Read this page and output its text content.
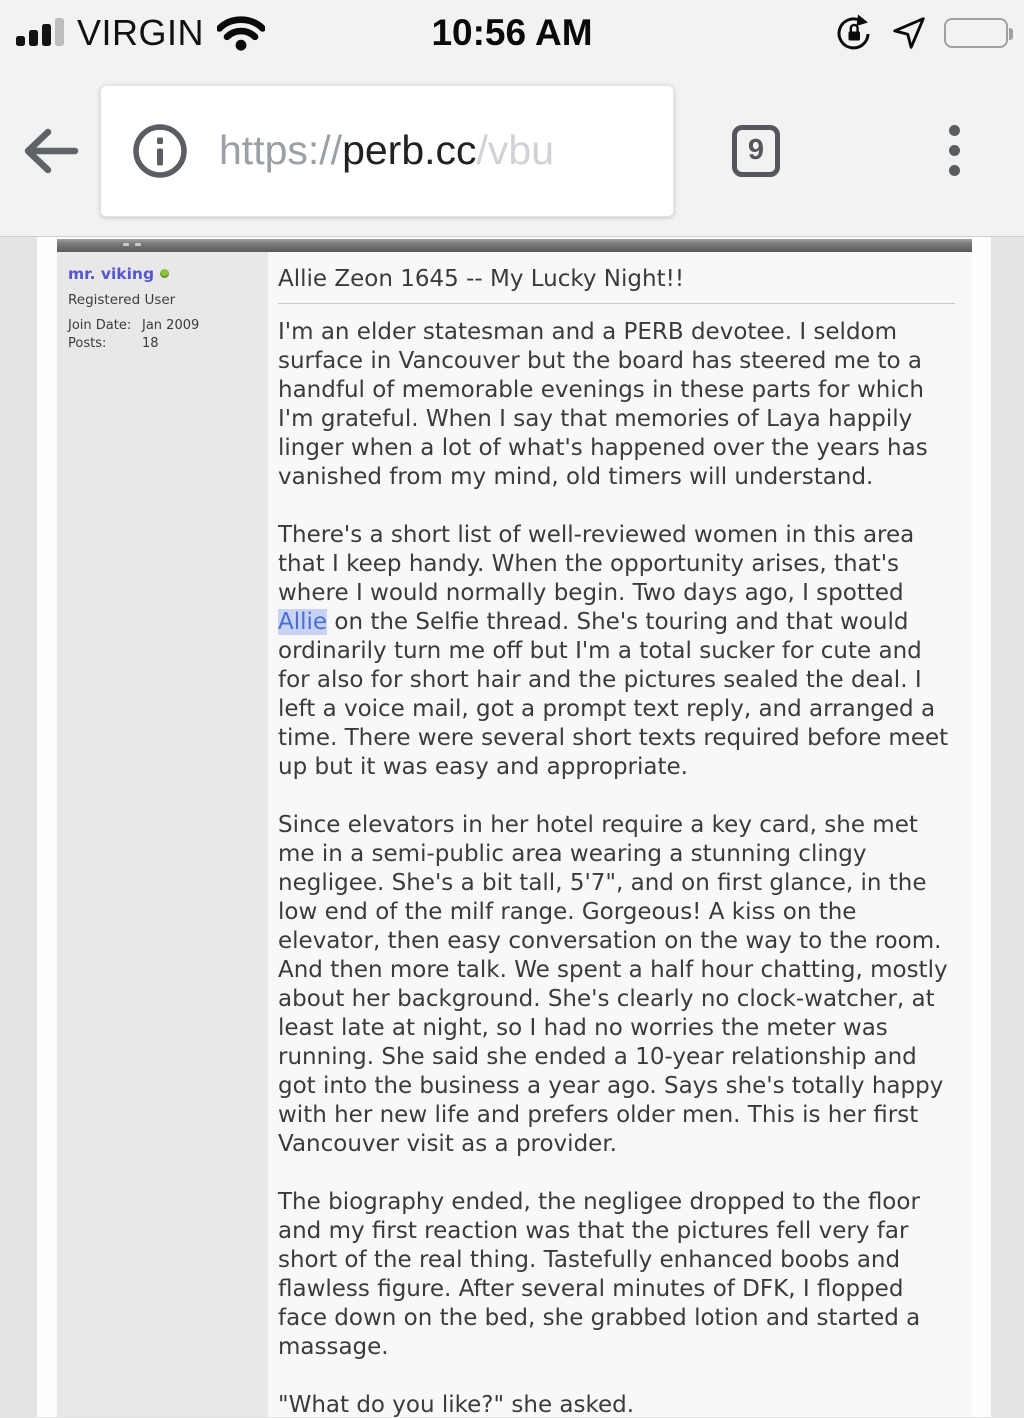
VIRGIN	10:56 AM
https://perb.cc/vbu	9
mr. viking
Registered User
Join Date: Jan 2009
Posts:	18
Allie Zeon 1645 -- My Lucky Night!!

I'm an elder statesman and a PERB devotee. I seldom surface in Vancouver but the board has steered me to a handful of memorable evenings in these parts for which I'm grateful. When I say that memories of Laya happily linger when a lot of what's happened over the years has vanished from my mind, old timers will understand.

There's a short list of well-reviewed women in this area that I keep handy. When the opportunity arises, that's where I would normally begin. Two days ago, I spotted Allie on the Selfie thread. She's touring and that would ordinarily turn me off but I'm a total sucker for cute and for also for short hair and the pictures sealed the deal. I left a voice mail, got a prompt text reply, and arranged a time. There were several short texts required before meet up but it was easy and appropriate.

Since elevators in her hotel require a key card, she met me in a semi-public area wearing a stunning clingy negligee. She's a bit tall, 5'7", and on first glance, in the low end of the milf range. Gorgeous! A kiss on the elevator, then easy conversation on the way to the room. And then more talk. We spent a half hour chatting, mostly about her background. She's clearly no clock-watcher, at least late at night, so I had no worries the meter was running. She said she ended a 10-year relationship and got into the business a year ago. Says she's totally happy with her new life and prefers older men. This is her first Vancouver visit as a provider.

The biography ended, the negligee dropped to the floor and my first reaction was that the pictures fell very far short of the real thing. Tastefully enhanced boobs and flawless figure. After several minutes of DFK, I flopped face down on the bed, she grabbed lotion and started a massage.

"What do you like?" she asked.
